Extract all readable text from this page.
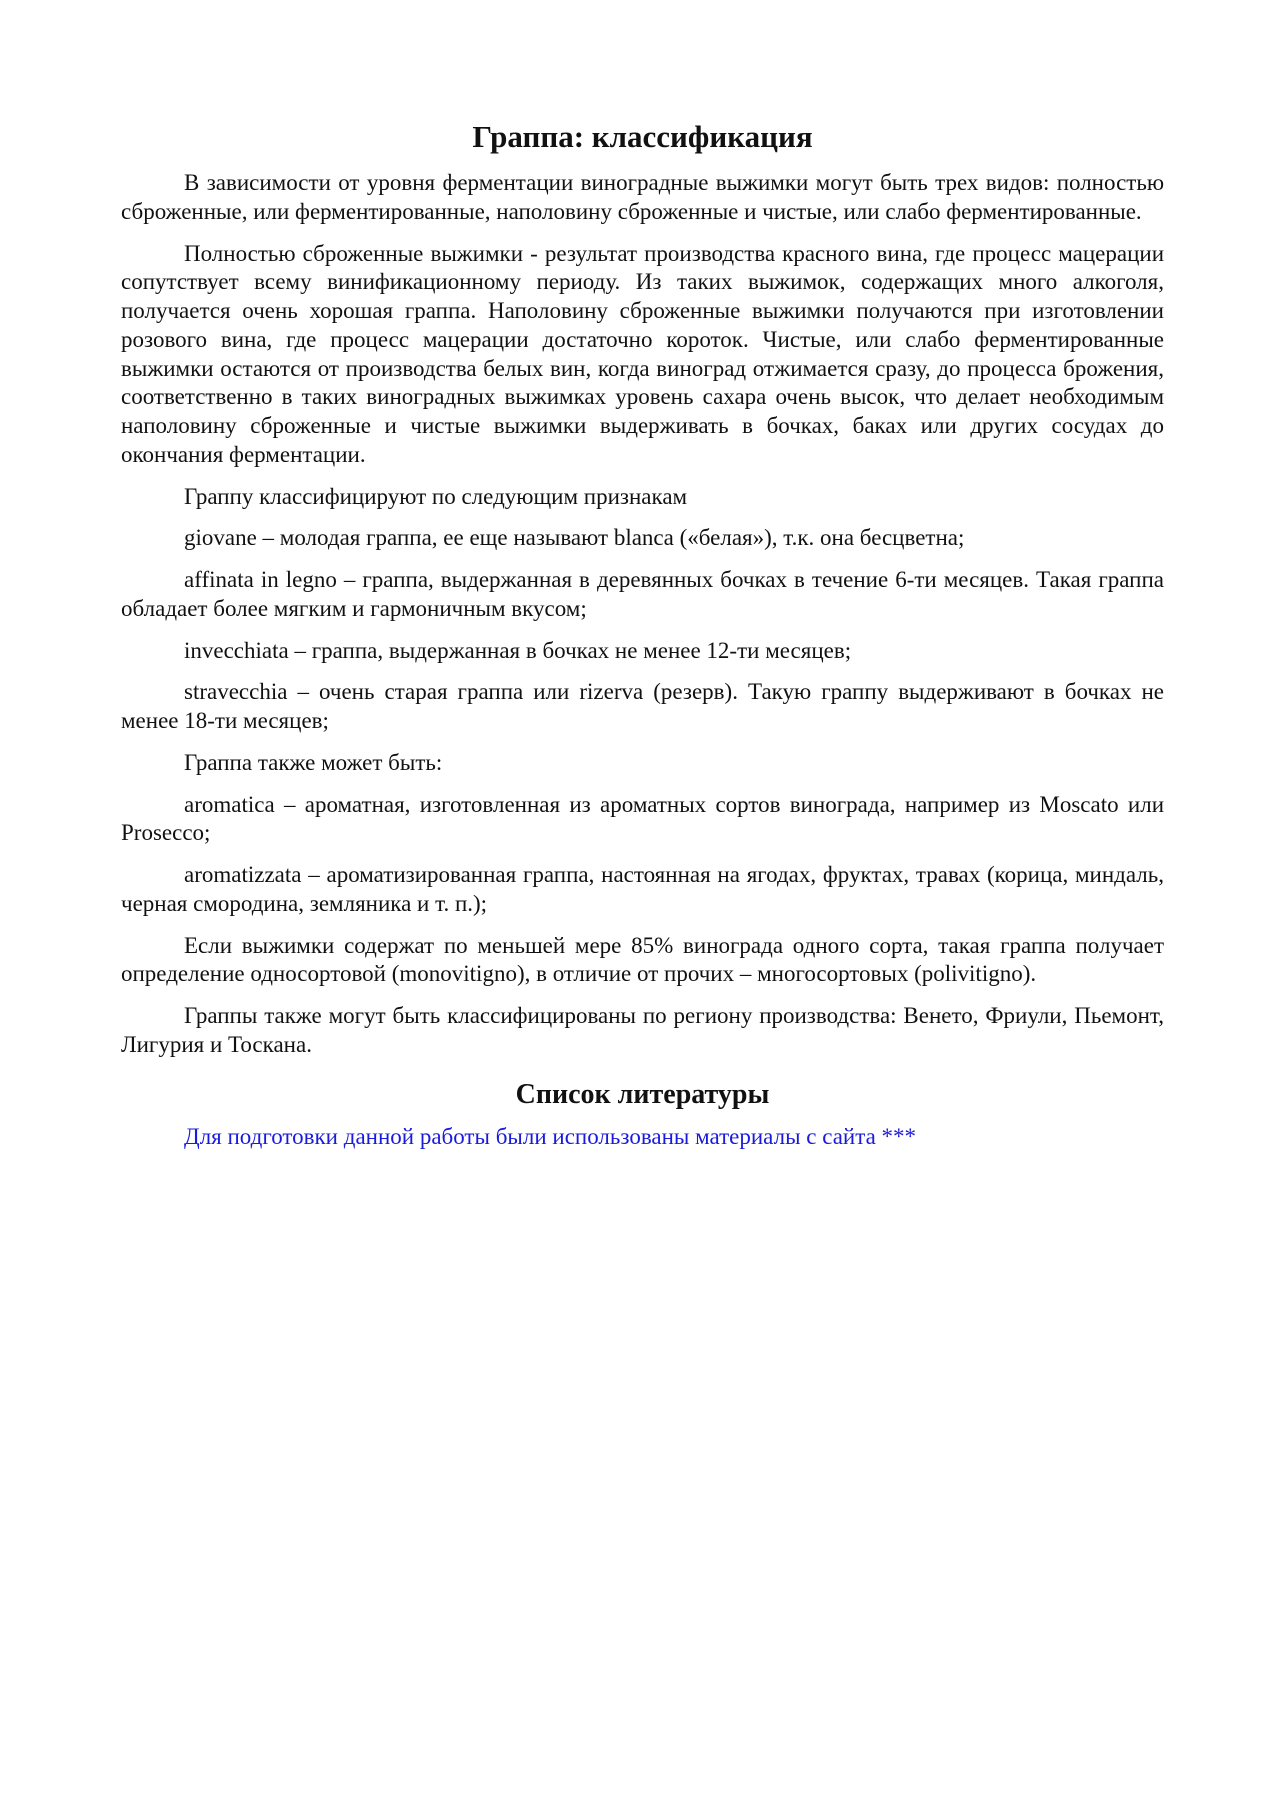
Граппа: классификация

В зависимости от уровня ферментации виноградные выжимки могут быть трех видов: полностью сброженные, или ферментированные, наполовину сброженные и чистые, или слабо ферментированные.

Полностью сброженные выжимки - результат производства красного вина, где процесс мацерации сопутствует всему винификационному периоду. Из таких выжимок, содержащих много алкоголя, получается очень хорошая граппа. Наполовину сброженные выжимки получаются при изготовлении розового вина, где процесс мацерации достаточно короток. Чистые, или слабо ферментированные выжимки остаются от производства белых вин, когда виноград отжимается сразу, до процесса брожения, соответственно в таких виноградных выжимках уровень сахара очень высок, что делает необходимым наполовину сброженные и чистые выжимки выдерживать в бочках, баках или других сосудах до окончания ферментации.

Граппу классифицируют по следующим признакам

giovane – молодая граппа, ее еще называют blanca («белая»), т.к. она бесцветна;

affinata in legno – граппа, выдержанная в деревянных бочках в течение 6-ти месяцев. Такая граппа обладает более мягким и гармоничным вкусом;

invecchiata – граппа, выдержанная в бочках не менее 12-ти месяцев;

stravecchia – очень старая граппа или rizerva (резерв). Такую граппу выдерживают в бочках не менее 18-ти месяцев;

Граппа также может быть:

aromatica – ароматная, изготовленная из ароматных сортов винограда, например из Moscato или Prosecco;

aromatizzata – ароматизированная граппа, настоянная на ягодах, фруктах, травах (корица, миндаль, черная смородина, земляника и т. п.);

Если выжимки содержат по меньшей мере 85% винограда одного сорта, такая граппа получает определение односортовой (monovitigno), в отличие от прочих – многосортовых (polivitigno).

Граппы также могут быть классифицированы по региону производства: Венето, Фриули, Пьемонт, Лигурия и Тоскана.

Список литературы

Для подготовки данной работы были использованы материалы с сайта ***
